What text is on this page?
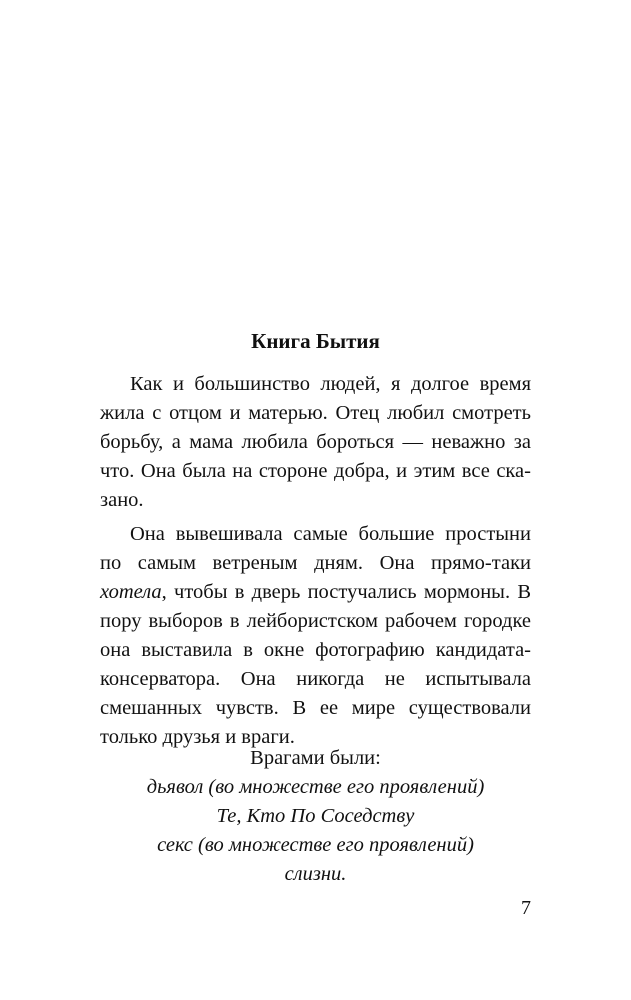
Книга Бытия

Как и большинство людей, я долгое время жила с отцом и матерью. Отец любил смотреть борьбу, а мама любила бороться — неважно за что. Она была на стороне добра, и этим все сказано.

Она вывешивала самые большие простыни по самым ветреным дням. Она прямо-таки хотела, чтобы в дверь постучались мормоны. В пору выборов в лейбористском рабочем городке она выставила в окне фотографию кандидата-консерватора. Она никогда не испытывала смешанных чувств. В ее мире существовали только друзья и враги.

Врагами были:

дьявол (во множестве его проявлений)
Те, Кто По Соседству
секс (во множестве его проявлений)
слизни.
7
